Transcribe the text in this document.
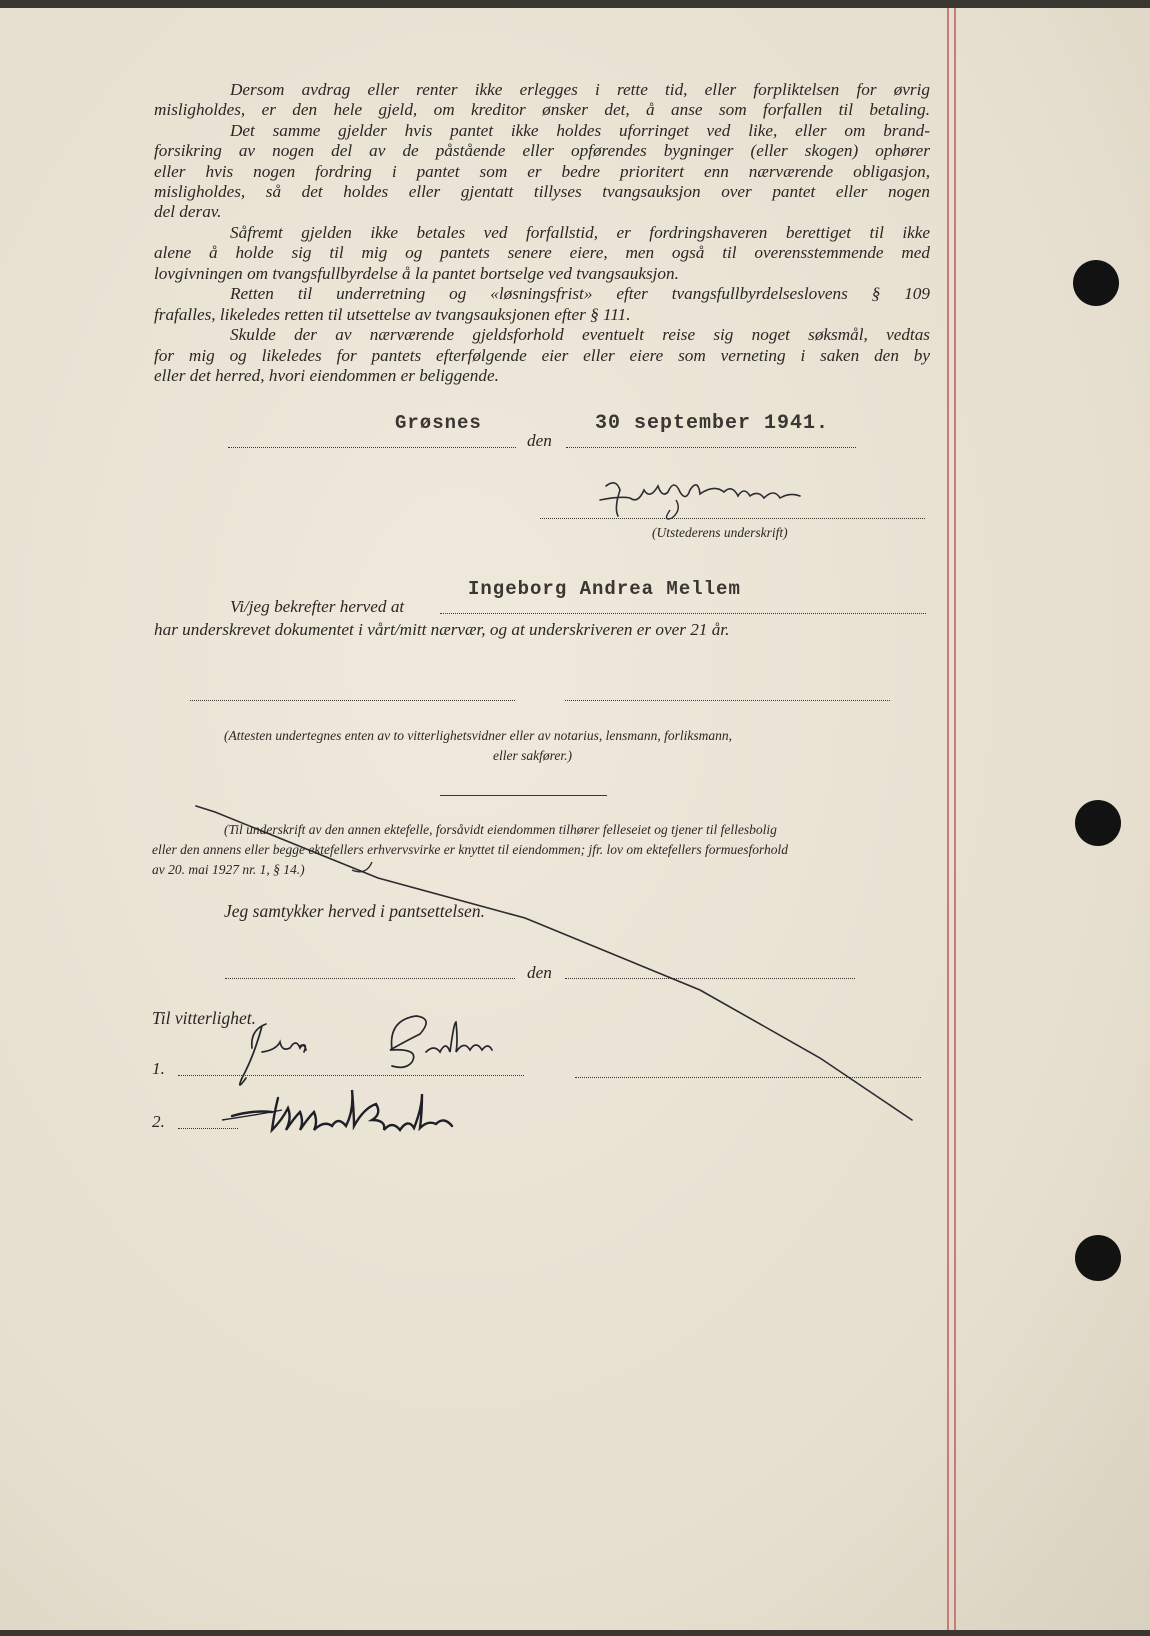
Dersom avdrag eller renter ikke erlegges i rette tid, eller forpliktelsen for øvrig
misligholdes, er den hele gjeld, om kreditor ønsker det, å anse som forfallen til betaling.
Det samme gjelder hvis pantet ikke holdes uforringet ved like, eller om brand-
forsikring av nogen del av de påstående eller opførendes bygninger (eller skogen) ophører
eller hvis nogen fordring i pantet som er bedre prioritert enn nærværende obligasjon,
misligholdes, så det holdes eller gjentatt tillyses tvangsauksjon over pantet eller nogen
del derav.
Såfremt gjelden ikke betales ved forfallstid, er fordringshaveren berettiget til ikke
alene å holde sig til mig og pantets senere eiere, men også til overensstemmende med
lovgivningen om tvangsfullbyrdelse å la pantet bortselge ved tvangsauksjon.
Retten til underretning og «løsningsfrist» efter tvangsfullbyrdelseslovens § 109
frafalles, likeledes retten til utsettelse av tvangsauksjonen efter § 111.
Skulde der av nærværende gjeldsforhold eventuelt reise sig noget søksmål, vedtas
for mig og likeledes for pantets efterfølgende eier eller eiere som verneting i saken den by
eller det herred, hvori eiendommen er beliggende.
Grøsnes
den
30 september 1941.
(Utstederens underskrift)
Vi/jeg bekrefter herved at
Ingeborg Andrea Mellem
har underskrevet dokumentet i vårt/mitt nærvær, og at underskriveren er over 21 år.
(Attesten undertegnes enten av to vitterlighetsvidner eller av notarius, lensmann, forliksmann,
eller sakfører.)
(Til underskrift av den annen ektefelle, forsåvidt eiendommen tilhører felleseiet og tjener til fellesbolig
eller den annens eller begge ektefellers erhvervsvirke er knyttet til eiendommen; jfr. lov om ektefellers formuesforhold
av 20. mai 1927 nr. 1, § 14.)
Jeg samtykker herved i pantsettelsen.
den
Til vitterlighet.
1.
2.
